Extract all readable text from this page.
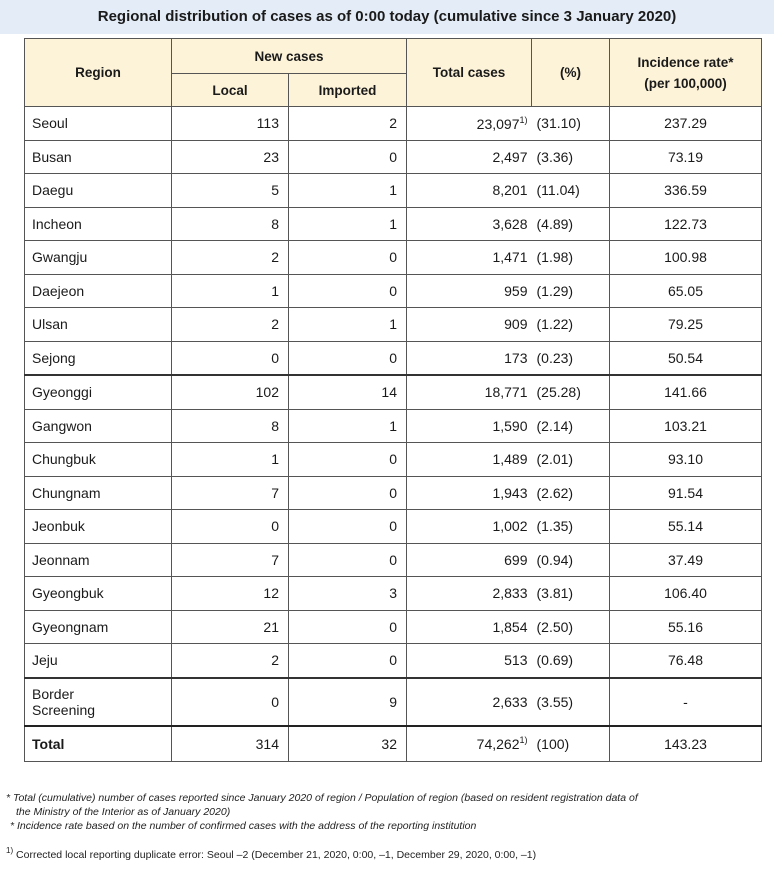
Regional distribution of cases as of 0:00 today (cumulative since 3 January 2020)
Region	New cases		Total cases	(%)	Incidence rate*
(per 100,000)

	Local	Imported			
Seoul	113	2	23,097$^{1)}$	(31.10)	237.29
Busan	23	0	2,497	(3.36)	73.19
Daegu	5	1	8,201	(11.04)	336.59
Incheon	8	1	3,628	(4.89)	122.73
Gwangju	2	0	1,471	(1.98)	100.98
Daejeon	1	0	959	(1.29)	65.05
Ulsan	2	1	909	(1.22)	79.25
Sejong	0	0	173	(0.23)	50.54
Gyeonggi	102	14	18,771	(25.28)	141.66
Gangwon	8	1	1,590	(2.14)	103.21
Chungbuk	1	0	1,489	(2.01)	93.10
Chungnam	7	0	1,943	(2.62)	91.54
Jeonbuk	0	0	1,002	(1.35)	55.14
Jeonnam	7	0	699	(0.94)	37.49
Gyeongbuk	12	3	2,833	(3.81)	106.40
Gyeongnam	21	0	1,854	(2.50)	55.16
Jeju	2	0	513	(0.69)	76.48

Border
Screening	0	9	2,633	(3.55)	-
Total	314	32	74,262$^{1)}$	(100)	143.23
* Total (cumulative) number of cases reported since January 2020 of region / Population of region (based on resident registration data of
the Ministry of the Interior as of January 2020)
* Incidence rate based on the number of confirmed cases with the address of the reporting institution
$^{1)}$ Corrected local reporting duplicate error: Seoul –2 (December 21, 2020, 0:00, –1, December 29, 2020, 0:00, –1)
